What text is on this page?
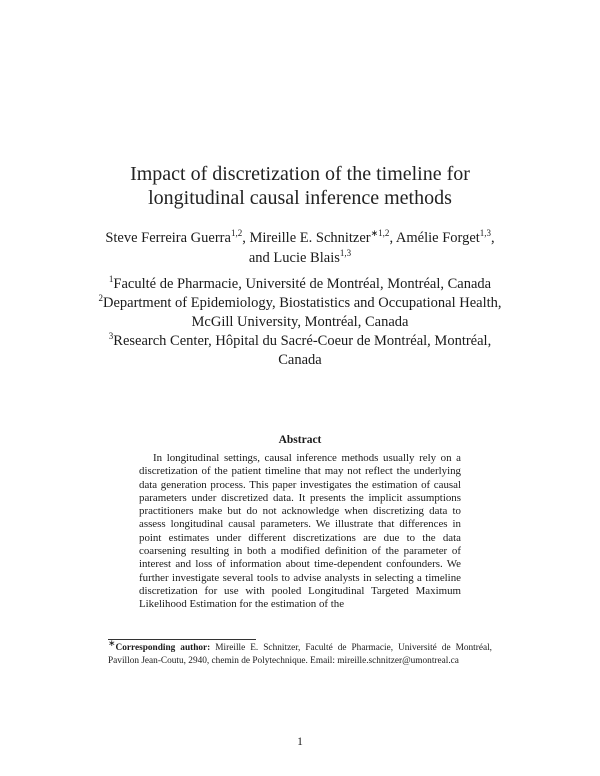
Impact of discretization of the timeline for
longitudinal causal inference methods
Steve Ferreira Guerra$^{1,2}$, Mireille E. Schnitzer$^{∗1,2}$, Amélie Forget$^{1,3}$, and Lucie Blais$^{1,3}$

$^1$Faculté de Pharmacie, Université de Montréal, Montréal, Canada

$^2$Department of Epidemiology, Biostatistics and Occupational Health, McGill University, Montréal, Canada

$^3$Research Center, Hôpital du Sacré-Coeur de Montréal, Montréal, Canada

Abstract

In longitudinal settings, causal inference methods usually rely on a discretization of the patient timeline that may not reflect the underlying data generation process. This paper investigates the estimation of causal parameters under discretized data. It presents the implicit assumptions practitioners make but do not acknowledge when discretizing data to assess longitudinal causal parameters. We illustrate that differences in point estimates under different discretizations are due to the data coarsening resulting in both a modified definition of the parameter of interest and loss of information about time-dependent confounders. We further investigate several tools to advise analysts in selecting a timeline discretization for use with pooled Longitudinal Targeted Maximum Likelihood Estimation for the estimation of the

∗Corresponding author: Mireille E. Schnitzer, Faculté de Pharmacie, Université de Montréal, Pavillon Jean-Coutu, 2940, chemin de Polytechnique. Email: mireille.schnitzer@umontreal.ca

1
